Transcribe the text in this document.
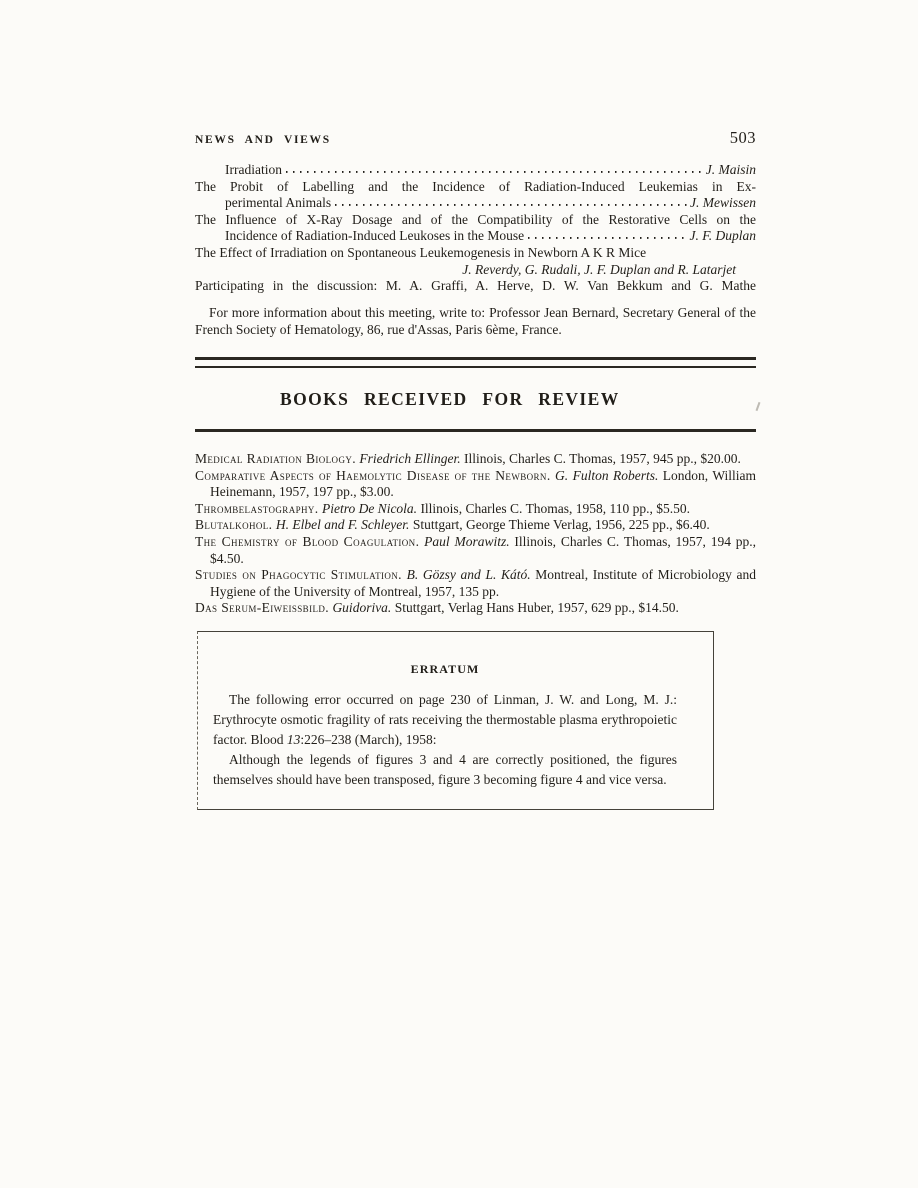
NEWS AND VIEWS	503
Irradiation	J. Maisin
The Probit of Labelling and the Incidence of Radiation-Induced Leukemias in Ex-
perimental Animals	J. Mewissen
The Influence of X-Ray Dosage and of the Compatibility of the Restorative Cells on the
Incidence of Radiation-Induced Leukoses in the Mouse	J. F. Duplan
The Effect of Irradiation on Spontaneous Leukemogenesis in Newborn A K R Mice
J. Reverdy, G. Rudali, J. F. Duplan and R. Latarjet
Participating in the discussion: M. A. Graffi, A. Herve, D. W. Van Bekkum and G. Mathe

For more information about this meeting, write to: Professor Jean Bernard, Secretary General of the French Society of Hematology, 86, rue d'Assas, Paris 6ème, France.

BOOKS RECEIVED FOR REVIEW

Medical Radiation Biology. Friedrich Ellinger. Illinois, Charles C. Thomas, 1957, 945 pp., $20.00.

Comparative Aspects of Haemolytic Disease of the Newborn. G. Fulton Roberts. London, William Heinemann, 1957, 197 pp., $3.00.

Thrombelastography. Pietro De Nicola. Illinois, Charles C. Thomas, 1958, 110 pp., $5.50.

Blutalkohol. H. Elbel and F. Schleyer. Stuttgart, George Thieme Verlag, 1956, 225 pp., $6.40.

The Chemistry of Blood Coagulation. Paul Morawitz. Illinois, Charles C. Thomas, 1957, 194 pp., $4.50.

Studies on Phagocytic Stimulation. B. Gözsy and L. Kátó. Montreal, Institute of Microbiology and Hygiene of the University of Montreal, 1957, 135 pp.

Das Serum-Eiweissbild. Guidoriva. Stuttgart, Verlag Hans Huber, 1957, 629 pp., $14.50.

ERRATUM

The following error occurred on page 230 of Linman, J. W. and Long, M. J.: Erythrocyte osmotic fragility of rats receiving the thermostable plasma erythropoietic factor. Blood 13:226–238 (March), 1958:

Although the legends of figures 3 and 4 are correctly positioned, the figures themselves should have been transposed, figure 3 becoming figure 4 and vice versa.
